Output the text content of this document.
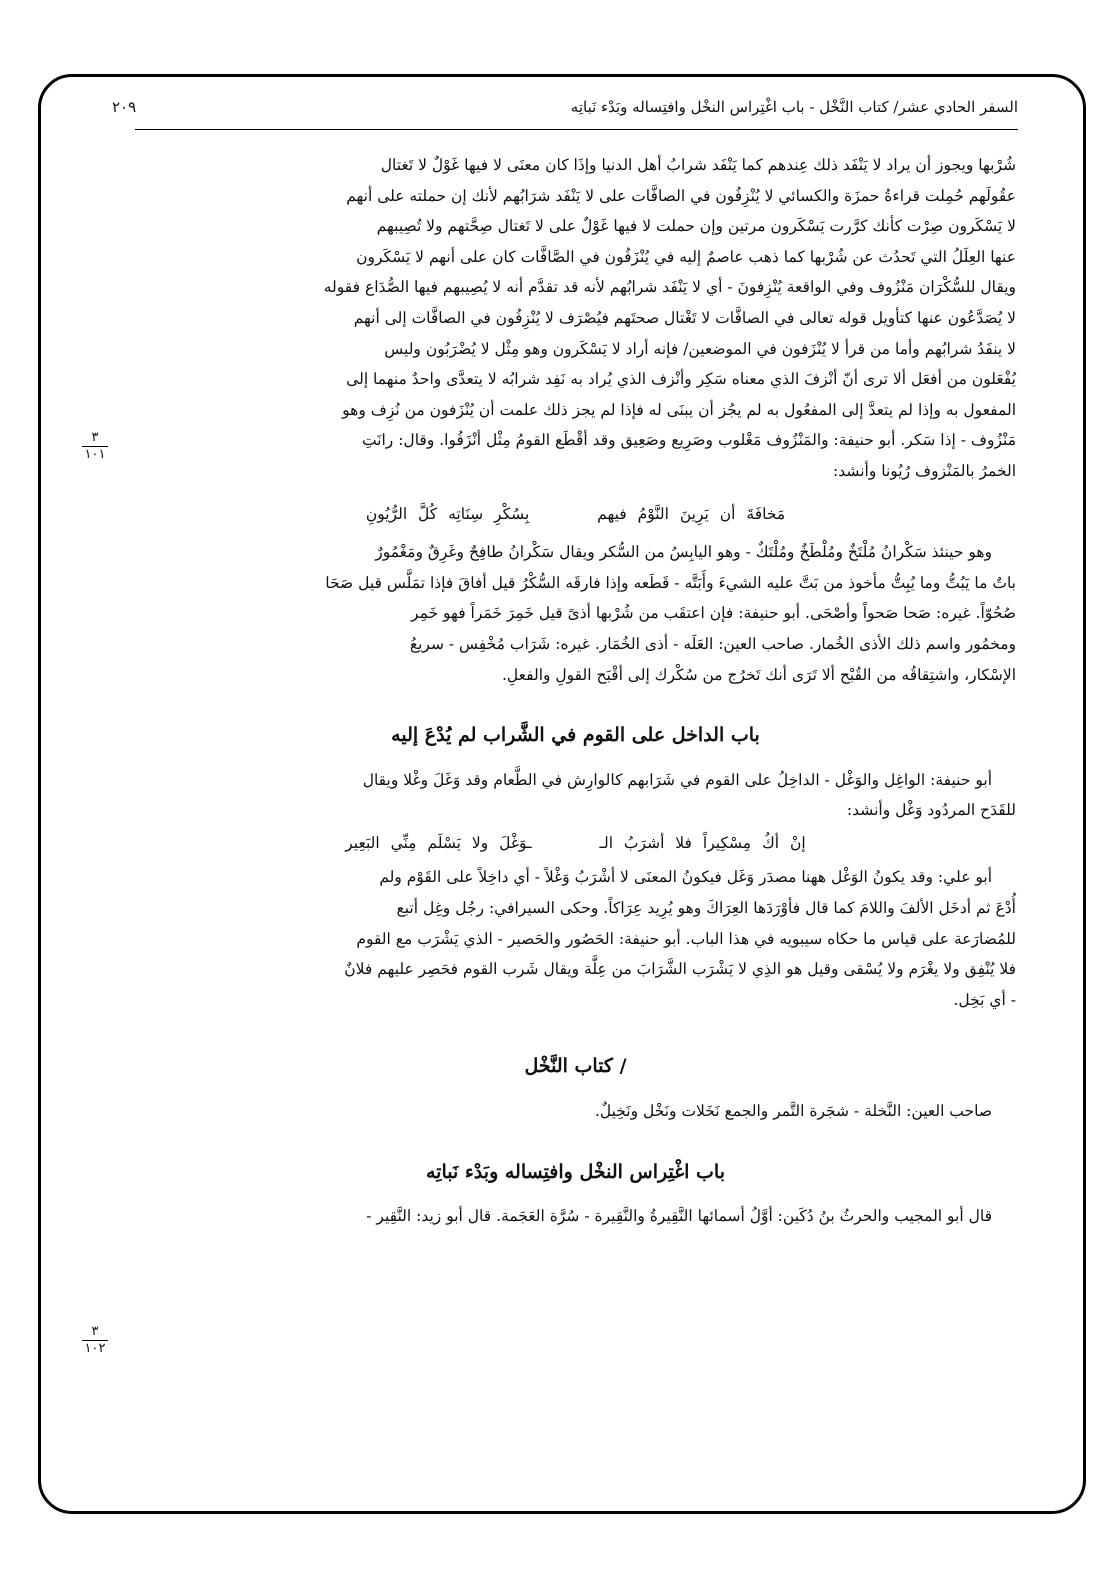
السفر الحادي عشر/ كتاب النَّخْل - باب اغْتِراس النخْل وافتِساله وبَدْء نَباتِه
٢٠٩
٣
١٠١
٣
١٠٢

شُرْبها ويجوز أن يراد لا يَنْفَد ذلك عِندهم كما يَنْفَد شرابُ أهل الدنيا وإذَا كان معنَى لا فيها غَوْلٌ لا تَغتال

عقُولَهم حُمِلت قراءةُ حمزَة والكسائي لا يُنْزِفُون في الصافَّات على لا يَنْفَد شرَابُهم لأنك إن حملته على أنهم

لا يَسْكَرون صِرْت كأنك كرَّرت يَسْكَرون مرتين وإن حملت لا فيها غَوْلٌ على لا تَغتال صِحَّتهم ولا تُصِيبهم

عنها العِلَلُ التي تَحدُث عن شُرْبها كما ذهب عاصمٌ إليه في يُنْزَفُون في الصَّافَّات كان على أنهم لا يَسْكَرون

ويقال للسُّكْرَان مَنْزُوف وفي الواقعة يُنْزِفونَ - أي لا يَنْفَد شرابُهم لأنه قد تقدَّم أنه لا يُصِيبهم فيها الصُّدَاع فقوله

لا يُصَدَّعُون عنها كتأويل قوله تعالى في الصافَّات لا تَغْتال صحتَهم فيُصْرَف لا يُنْزِفُون في الصافَّات إلى أنهم

لا ينفَدُ شرابُهم وأما من قرأ لا يُنْزَفون في الموضعين/ فإنه أراد لا يَسْكَرون وهو مِثْل لا يُضْرَبُون وليس

يُفْعَلون من أفعَل ألا ترى أنّ أنْزفَ الذي معناه سَكِر وأنْزف الذي يُراد به نَفِد شرابُه لا يتعدَّى واحدٌ منهما إلى

المفعول به وإذا لم يتعدَّ إلى المفعُول به لم يجُز أن يبنَى له فإذا لم يجز ذلك علمت أن يُنْزَفون من نُزِف وهو

مَنْزُوف - إذا سَكر. أبو حنيفة: والمَنْزُوف مَغْلوب وصَرِيع وصَعِيق وقد أقْطَع القومُ مِثْل أنْزَفُوا. وقال: رانَتِ

الخمرُ بالمَنْزوف رُيُونا وأنشد:

مَخافَةَ أن يَرِينَ النَّوْمُ فيهم  بِسُكْرِ سِنَاتِه كُلَّ الرُّيُونِ

وهو حينئذ سَكْرانُ مُلْتَخٌ ومُلْطَخٌ ومُلْتَكٌ - وهو اليابِسُ من السُّكر ويقال سَكْرانُ طافِحٌ وغَرِقٌ ومَغْمُورٌ

باتٌ ما يَبُتُّ وما يُبِتُّ مأخوذ من بَتَّ عليه الشيءَ وأَبَتَّه - قَطَعه وإذا فارقَه السُّكْرُ قيل أفاقَ فإذا تمَلَّس قيل صَحَا

صُحُوّاً. غيره: صَحا صَحواً وأصْحَى. أبو حنيفة: فإن اعتقَب من شُرْبها أذىً قيل خَمِرَ خَمَراً فهو خَمِر

ومخمُور واسم ذلك الأذى الخُمار. صاحب العين: العَلَه - أذى الخُمَار. غيره: شَرَاب مُخْفِس - سريعُ

الإسْكار، واشتِقاقُه من القُبْح ألا تَرَى أنك تَخرُج من سُكْرك إلى أقْبَح القولِ والفعلِ.

باب الداخل على القوم في الشَّراب لم يُدْعَ إليه

أبو حنيفة: الواغِل والوَغْل - الداخِلُ على القوم في شَرَابهم كالوارِش في الطَّعام وقد وَغَلَ وغْلا ويقال

للقَدَح المردُود وَغْل وأنشد:

إنْ أكُ مِسْكِيراً فلا أشرَبُ الـ  ـوَغْلَ ولا يَسْلَم مِنِّي البَعِير

أبو علي: وقد يكونُ الوَغْل ههنا مصدَر وَغَل فيكونُ المعنَى لا أشْرَبُ وَغْلاً - أي داخِلاً على القَوْم ولم

أُدْعَ ثم أدخَل الألفَ واللامَ كما قال فأوْرَدَها العِرَاكَ وهو يُرِيد عِرَاكاً. وحكى السيرافي: رجُل وغِل أتبع

للمُضارَعة على قياس ما حكاه سيبويه في هذا الباب. أبو حنيفة: الحَصُور والحَصير - الذي يَشْرَب مع القوم

فلا يُنْفِق ولا يغْرَم ولا يُسْقى وقيل هو الذِي لا يَشْرَب الشَّرَابَ من عِلَّة ويقال شَرب القوم فحَصِر عليهم فلانٌ

- أي بَخِل.

/ كتاب النَّخْل

صاحب العين: النَّخلة - شجَرة التَّمر والجمع نَخَلات ونَخْل ونَخِيلٌ.

باب اغْتِراس النخْل وافتِساله وبَدْء نَباتِه

قال أبو المجيب والحرثُ بنُ دُكَين: أوَّلُ أسمائها النَّقِيرةُ والنَّقِيرة - سُرَّة العَجَمة. قال أبو زيد: النَّقِير -
